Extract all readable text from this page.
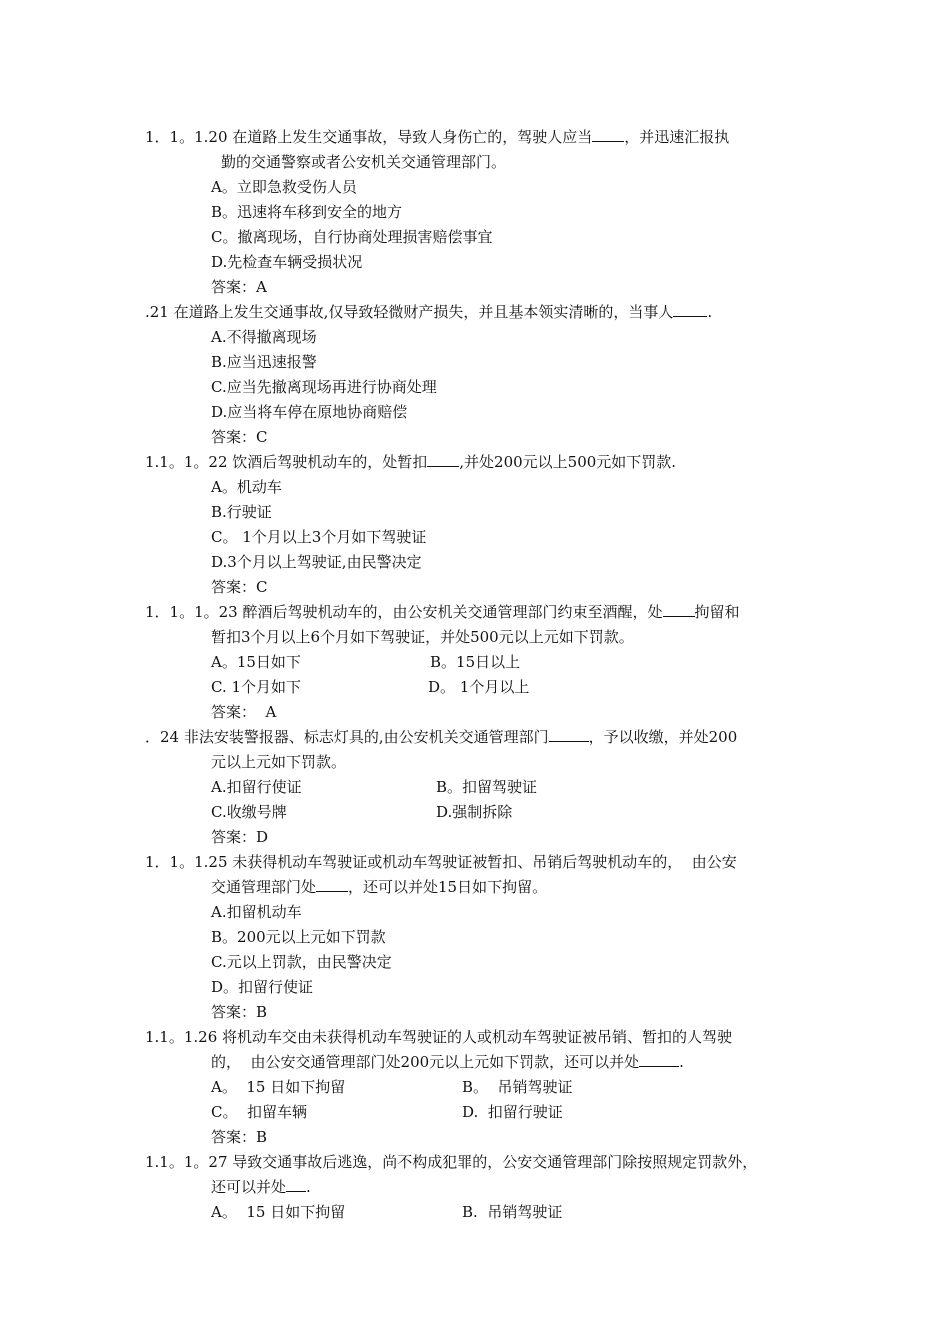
1．1。1.20 在道路上发生交通事故，导致人身伤亡的，驾驶人应当 ，并迅速汇报执
勤的交通警察或者公安机关交通管理部门。
A。立即急救受伤人员
B。迅速将车移到安全的地方
C。撤离现场，自行协商处理损害赔偿事宜
D.先检查车辆受损状况
答案：A
.21 在道路上发生交通事故,仅导致轻微财产损失，并且基本领实清晰的，当事人 .
A.不得撤离现场
B.应当迅速报警
C.应当先撤离现场再进行协商处理
D.应当将车停在原地协商赔偿
答案：C
1.1。1。22 饮酒后驾驶机动车的，处暂扣 ,并处200元以上500元如下罚款.
A。机动车
B.行驶证
C。 1个月以上3个月如下驾驶证
D.3个月以上驾驶证,由民警决定
答案：C
1．1。1。23 醉酒后驾驶机动车的，由公安机关交通管理部门约束至酒醒，处 拘留和
暂扣3个月以上6个月如下驾驶证，并处500元以上元如下罚款。
A。15日如下	B。15日以上
C. 1个月如下	D。 1个月以上
答案：  A
．24 非法安装警报器、标志灯具的,由公安机关交通管理部门	，予以收缴，并处200
元以上元如下罚款。
A.扣留行使证	B。扣留驾驶证
C.收缴号牌	D.强制拆除
答案：D
1．1。1.25 未获得机动车驾驶证或机动车驾驶证被暂扣、吊销后驾驶机动车的，  由公安
交通管理部门处 ，还可以并处15日如下拘留。
A.扣留机动车
B。200元以上元如下罚款
C.元以上罚款，由民警决定
D。扣留行使证
答案：B
1.1。1.26 将机动车交由未获得机动车驾驶证的人或机动车驾驶证被吊销、暂扣的人驾驶
的，  由公安交通管理部门处200元以上元如下罚款，还可以并处	.
A。  15 日如下拘留	B。  吊销驾驶证
C。  扣留车辆	D.  扣留行驶证
答案：B
1.1。1。27 导致交通事故后逃逸，尚不构成犯罪的，公安交通管理部门除按照规定罚款外，
还可以并处 .
A。  15 日如下拘留	B.  吊销驾驶证
